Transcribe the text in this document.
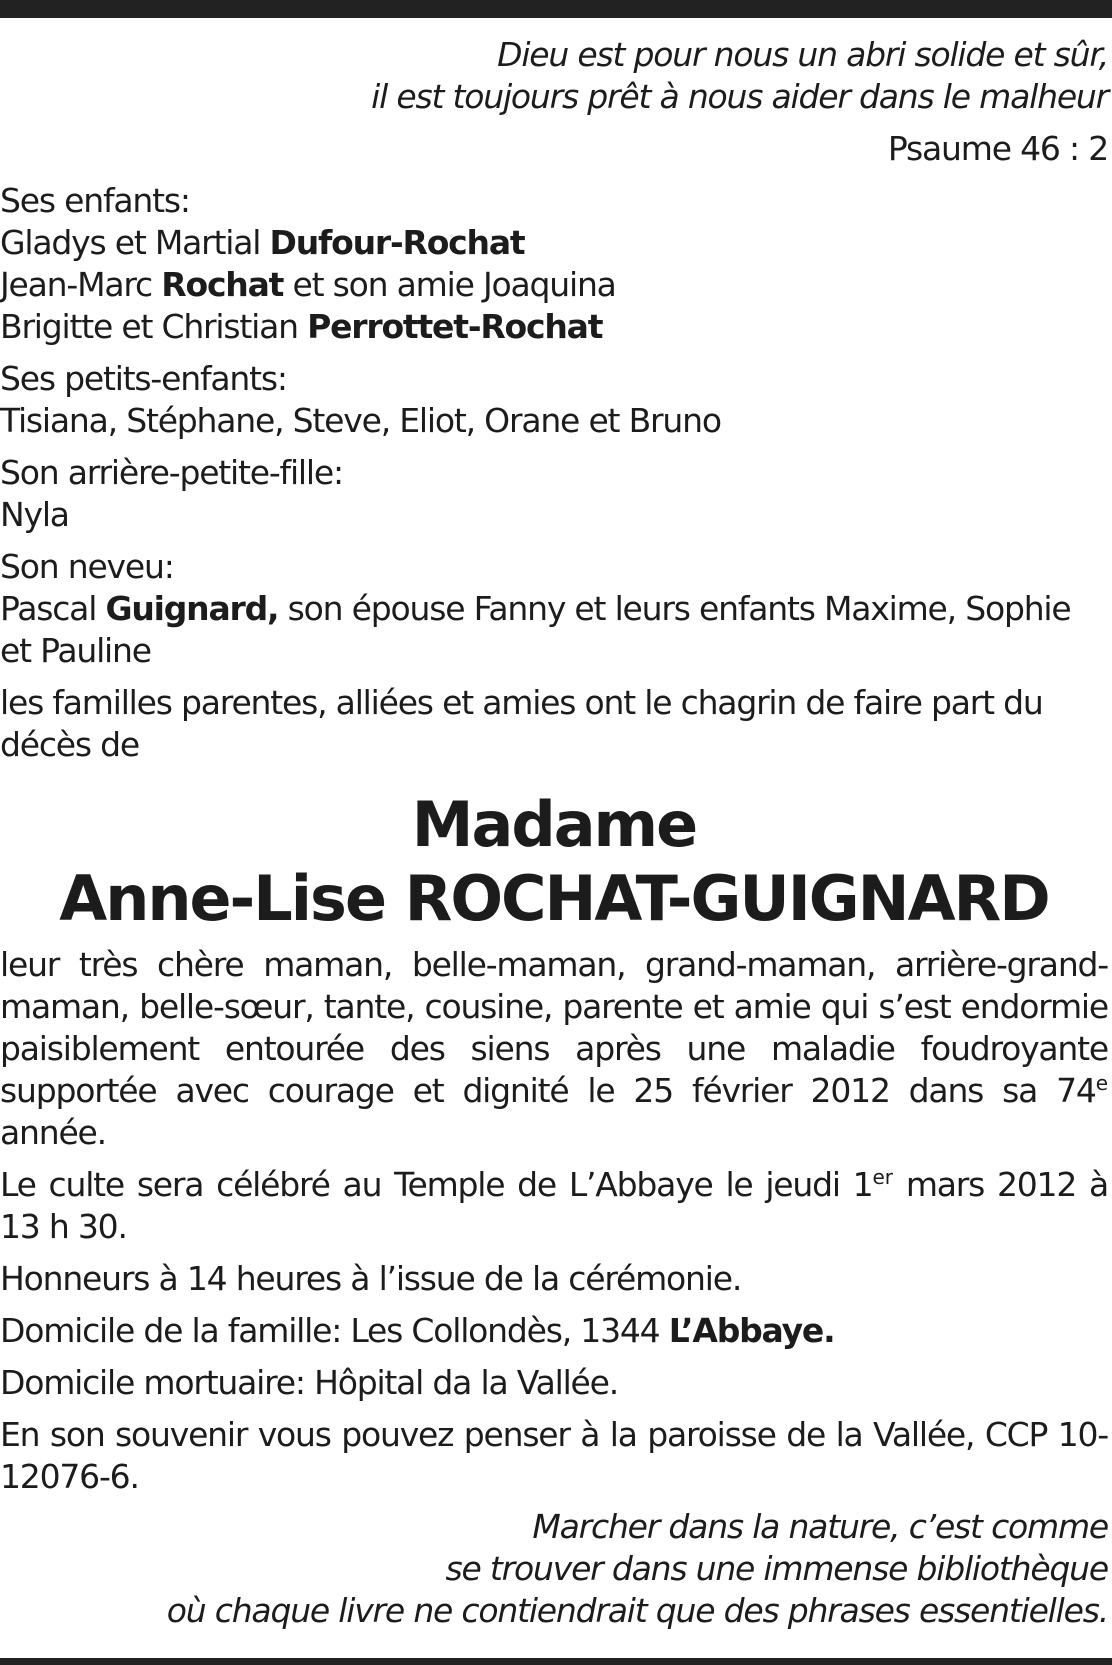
Dieu est pour nous un abri solide et sûr,
il est toujours prêt à nous aider dans le malheur
Psaume 46 : 2
Ses enfants:
Gladys et Martial Dufour-Rochat
Jean-Marc Rochat et son amie Joaquina
Brigitte et Christian Perrottet-Rochat
Ses petits-enfants:
Tisiana, Stéphane, Steve, Eliot, Orane et Bruno
Son arrière-petite-fille:
Nyla
Son neveu:
Pascal Guignard, son épouse Fanny et leurs enfants Maxime, Sophie
et Pauline
les familles parentes, alliées et amies ont le chagrin de faire part du
décès de
Madame
Anne-Lise ROCHAT-GUIGNARD
leur très chère maman, belle-maman, grand-maman, arrière-grand-maman, belle-sœur, tante, cousine, parente et amie qui s’est endormie paisiblement entourée des siens après une maladie foudroyante supportée avec courage et dignité le 25 février 2012 dans sa 74e année.
Le culte sera célébré au Temple de L’Abbaye le jeudi 1er mars 2012 à 13 h 30.
Honneurs à 14 heures à l’issue de la cérémonie.
Domicile de la famille: Les Collondès, 1344 L’Abbaye.
Domicile mortuaire: Hôpital da la Vallée.
En son souvenir vous pouvez penser à la paroisse de la Vallée, CCP 10-12076-6.
Marcher dans la nature, c’est comme
se trouver dans une immense bibliothèque
où chaque livre ne contiendrait que des phrases essentielles.
